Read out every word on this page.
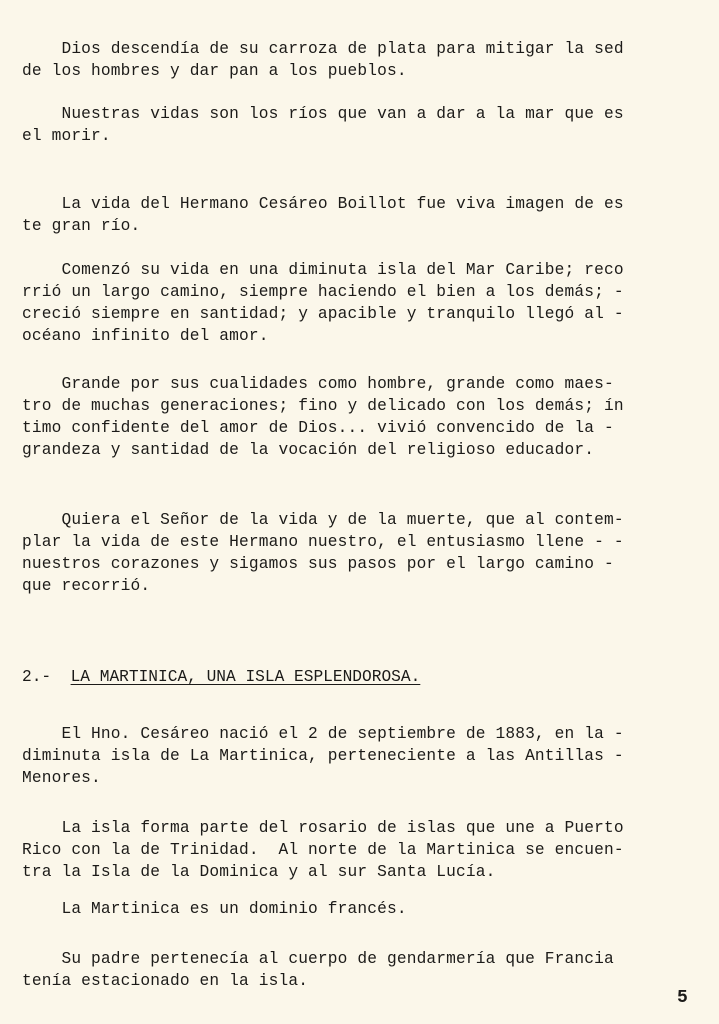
Dios descendía de su carroza de plata para mitigar la sed
de los hombres y dar pan a los pueblos.

Nuestras vidas son los ríos que van a dar a la mar que es
el morir.

La vida del Hermano Cesáreo Boillot fue viva imagen de es
te gran río.

Comenzó su vida en una diminuta isla del Mar Caribe; reco
rrió un largo camino, siempre haciendo el bien a los demás; -
creció siempre en santidad; y apacible y tranquilo llegó al -
océano infinito del amor.

Grande por sus cualidades como hombre, grande como maes-
tro de muchas generaciones; fino y delicado con los demás; ín
timo confidente del amor de Dios... vivió convencido de la -
grandeza y santidad de la vocación del religioso educador.

Quiera el Señor de la vida y de la muerte, que al contem-
plar la vida de este Hermano nuestro, el entusiasmo llene - -
nuestros corazones y sigamos sus pasos por el largo camino -
que recorrió.

2.- LA MARTINICA, UNA ISLA ESPLENDOROSA.

El Hno. Cesáreo nació el 2 de septiembre de 1883, en la -
diminuta isla de La Martinica, perteneciente a las Antillas -
Menores.

La isla forma parte del rosario de islas que une a Puerto
Rico con la de Trinidad.  Al norte de la Martinica se encuen-
tra la Isla de la Dominica y al sur Santa Lucía.

La Martinica es un dominio francés.

Su padre pertenecía al cuerpo de gendarmería que Francia
tenía estacionado en la isla.

5
